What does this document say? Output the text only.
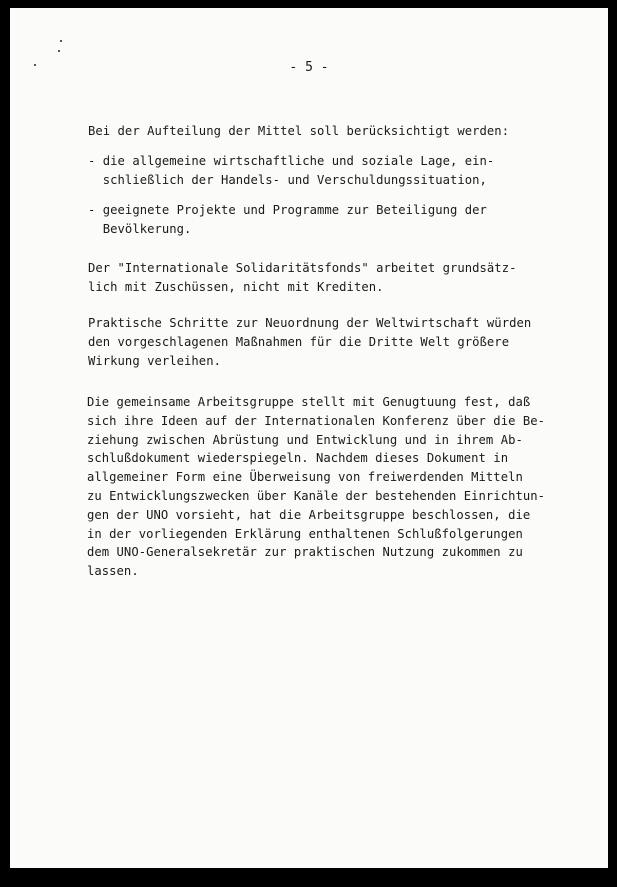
- 5 -
Bei der Aufteilung der Mittel soll berücksichtigt werden:
- die allgemeine wirtschaftliche und soziale Lage, ein-
schließlich der Handels- und Verschuldungssituation,
- geeignete Projekte und Programme zur Beteiligung der
Bevölkerung.
Der "Internationale Solidaritätsfonds" arbeitet grundsätz-
lich mit Zuschüssen, nicht mit Krediten.
Praktische Schritte zur Neuordnung der Weltwirtschaft würden
den vorgeschlagenen Maßnahmen für die Dritte Welt größere
Wirkung verleihen.
Die gemeinsame Arbeitsgruppe stellt mit Genugtuung fest, daß
sich ihre Ideen auf der Internationalen Konferenz über die Be-
ziehung zwischen Abrüstung und Entwicklung und in ihrem Ab-
schlußdokument wiederspiegeln. Nachdem dieses Dokument in
allgemeiner Form eine Überweisung von freiwerdenden Mitteln
zu Entwicklungszwecken über Kanäle der bestehenden Einrichtun-
gen der UNO vorsieht, hat die Arbeitsgruppe beschlossen, die
in der vorliegenden Erklärung enthaltenen Schlußfolgerungen
dem UNO-Generalsekretär zur praktischen Nutzung zukommen zu
lassen.
